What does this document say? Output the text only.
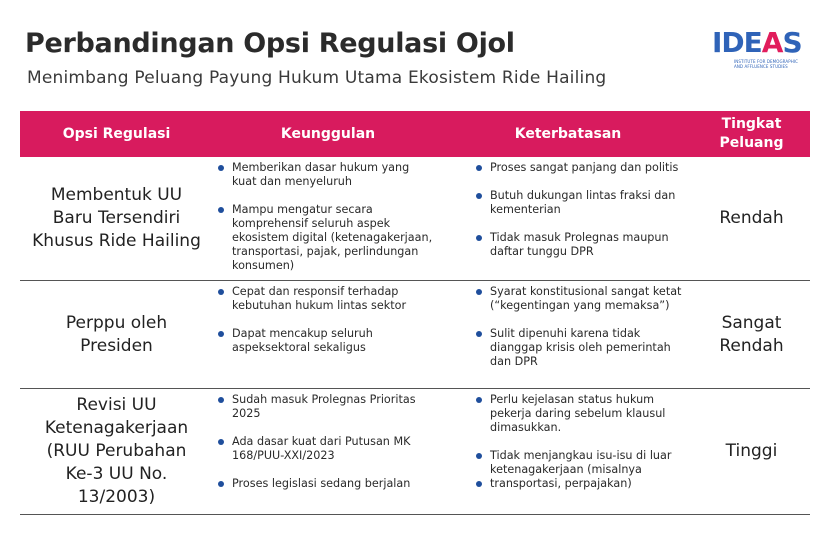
Perbandingan Opsi Regulasi Ojol
Menimbang Peluang Payung Hukum Utama Ekosistem Ride Hailing
IDEAS
INSTITUTE FOR DEMOGRAPHIC AND AFFLUENCE STUDIES
Opsi Regulasi	Keunggulan	Keterbatasan
Tingkat
Peluang
Membentuk UU Baru Tersendiri Khusus Ride Hailing
Memberikan dasar hukum yang kuat dan menyeluruh
Mampu mengatur secara komprehensif seluruh aspek ekosistem digital (ketenagakerjaan, transportasi, pajak, perlindungan konsumen)
Proses sangat panjang dan politis
Butuh dukungan lintas fraksi dan kementerian
Tidak masuk Prolegnas maupun daftar tunggu DPR
Rendah
Perppu oleh Presiden
Cepat dan responsif terhadap kebutuhan hukum lintas sektor
Dapat mencakup seluruh aspeksektoral sekaligus
Syarat konstitusional sangat ketat (“kegentingan yang memaksa”)
Sulit dipenuhi karena tidak dianggap krisis oleh pemerintah dan DPR
Sangat Rendah
Revisi UU Ketenagakerjaan (RUU Perubahan Ke-3 UU No. 13/2003)
Sudah masuk Prolegnas Prioritas 2025
Ada dasar kuat dari Putusan MK 168/PUU-XXI/2023
Proses legislasi sedang berjalan
Perlu kejelasan status hukum pekerja daring sebelum klausul dimasukkan.
Tidak menjangkau isu-isu di luar ketenagakerjaan (misalnya
transportasi, perpajakan)
Tinggi
